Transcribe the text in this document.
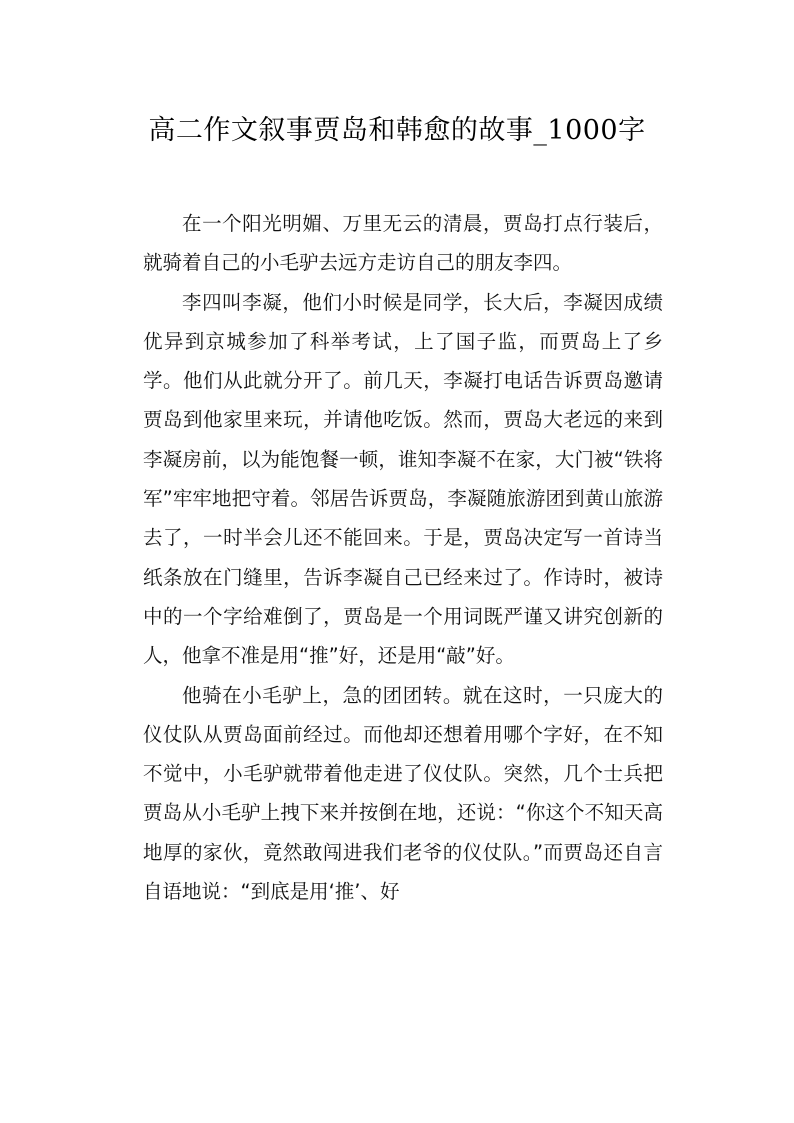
高二作文叙事贾岛和韩愈的故事_1000字

在一个阳光明媚、万里无云的清晨，贾岛打点行装后，就骑着自己的小毛驴去远方走访自己的朋友李四。

李四叫李凝，他们小时候是同学，长大后，李凝因成绩优异到京城参加了科举考试，上了国子监，而贾岛上了乡学。他们从此就分开了。前几天，李凝打电话告诉贾岛邀请贾岛到他家里来玩，并请他吃饭。然而，贾岛大老远的来到李凝房前，以为能饱餐一顿，谁知李凝不在家，大门被“铁将军”牢牢地把守着。邻居告诉贾岛，李凝随旅游团到黄山旅游去了，一时半会儿还不能回来。于是，贾岛决定写一首诗当纸条放在门缝里，告诉李凝自己已经来过了。作诗时，被诗中的一个字给难倒了，贾岛是一个用词既严谨又讲究创新的人，他拿不准是用“推”好，还是用“敲”好。

他骑在小毛驴上，急的团团转。就在这时，一只庞大的仪仗队从贾岛面前经过。而他却还想着用哪个字好，在不知不觉中，小毛驴就带着他走进了仪仗队。突然，几个士兵把贾岛从小毛驴上拽下来并按倒在地，还说：“你这个不知天高地厚的家伙，竟然敢闯进我们老爷的仪仗队。”而贾岛还自言自语地说：“到底是用‘推’、好
